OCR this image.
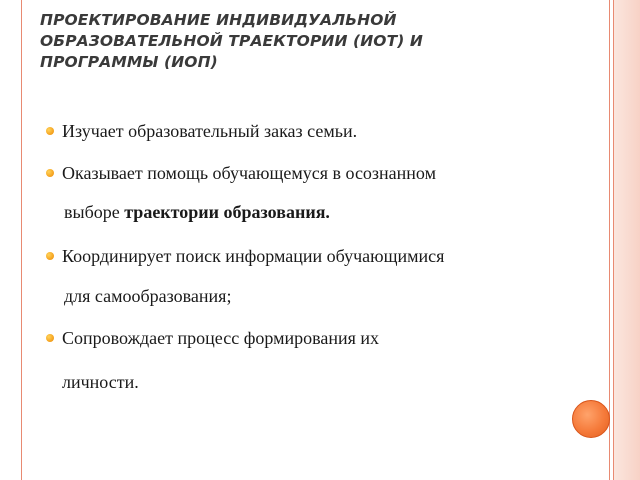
ПРОЕКТИРОВАНИЕ ИНДИВИДУАЛЬНОЙ
ОБРАЗОВАТЕЛЬНОЙ ТРАЕКТОРИИ (ИОТ) И
ПРОГРАММЫ (ИОП)
Изучает образовательный заказ семьи.
Оказывает помощь обучающемуся в осознанном
выборе траектории образования.
Координирует поиск информации обучающимися
для самообразования;
Сопровождает процесс формирования их
личности.
